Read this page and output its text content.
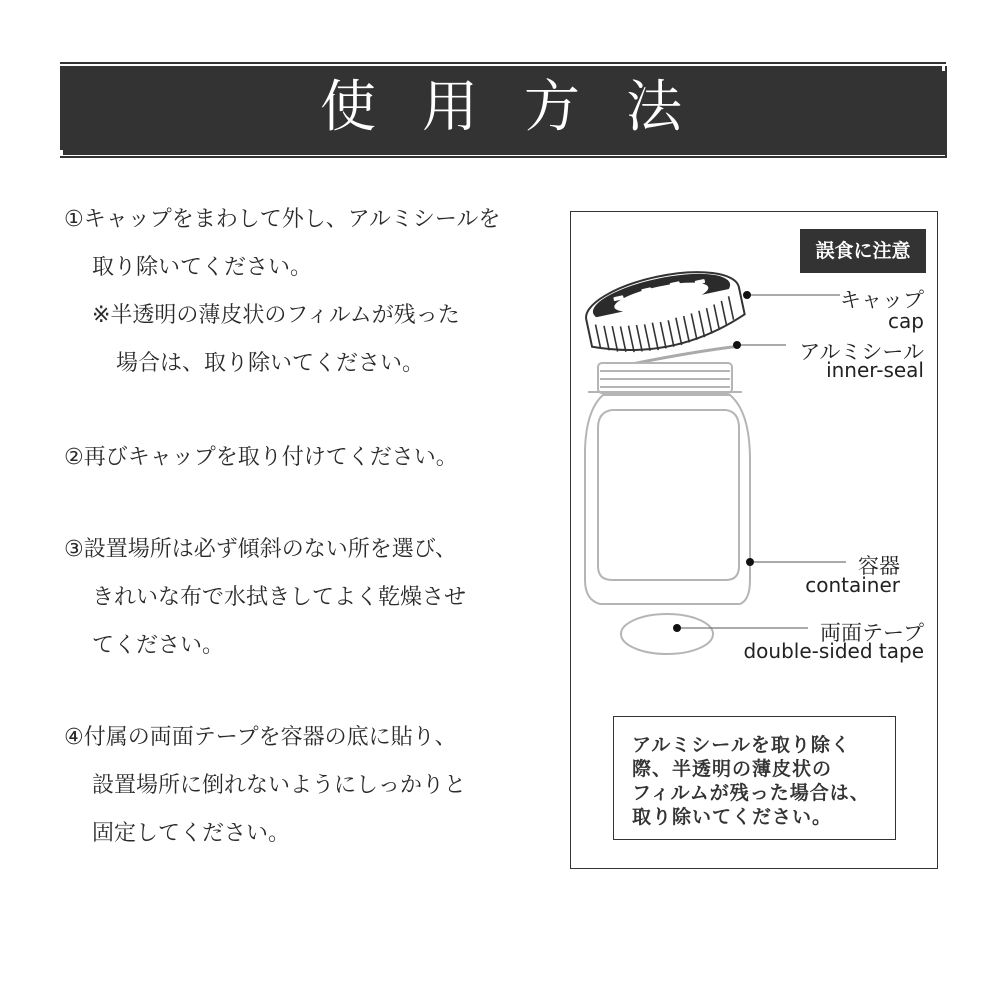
使用方法
①キャップをまわして外し、アルミシールを
取り除いてください。
※半透明の薄皮状のフィルムが残った
場合は、取り除いてください。
②再びキャップを取り付けてください。
③設置場所は必ず傾斜のない所を選び、
きれいな布で水拭きしてよく乾燥させ
てください。
④付属の両面テープを容器の底に貼り、
設置場所に倒れないようにしっかりと
固定してください。
誤食に注意
キャップ
cap
アルミシール
inner-seal
容器
container
両面テープ
double-sided tape
アルミシールを取り除く
際、半透明の薄皮状の
フィルムが残った場合は、
取り除いてください。
